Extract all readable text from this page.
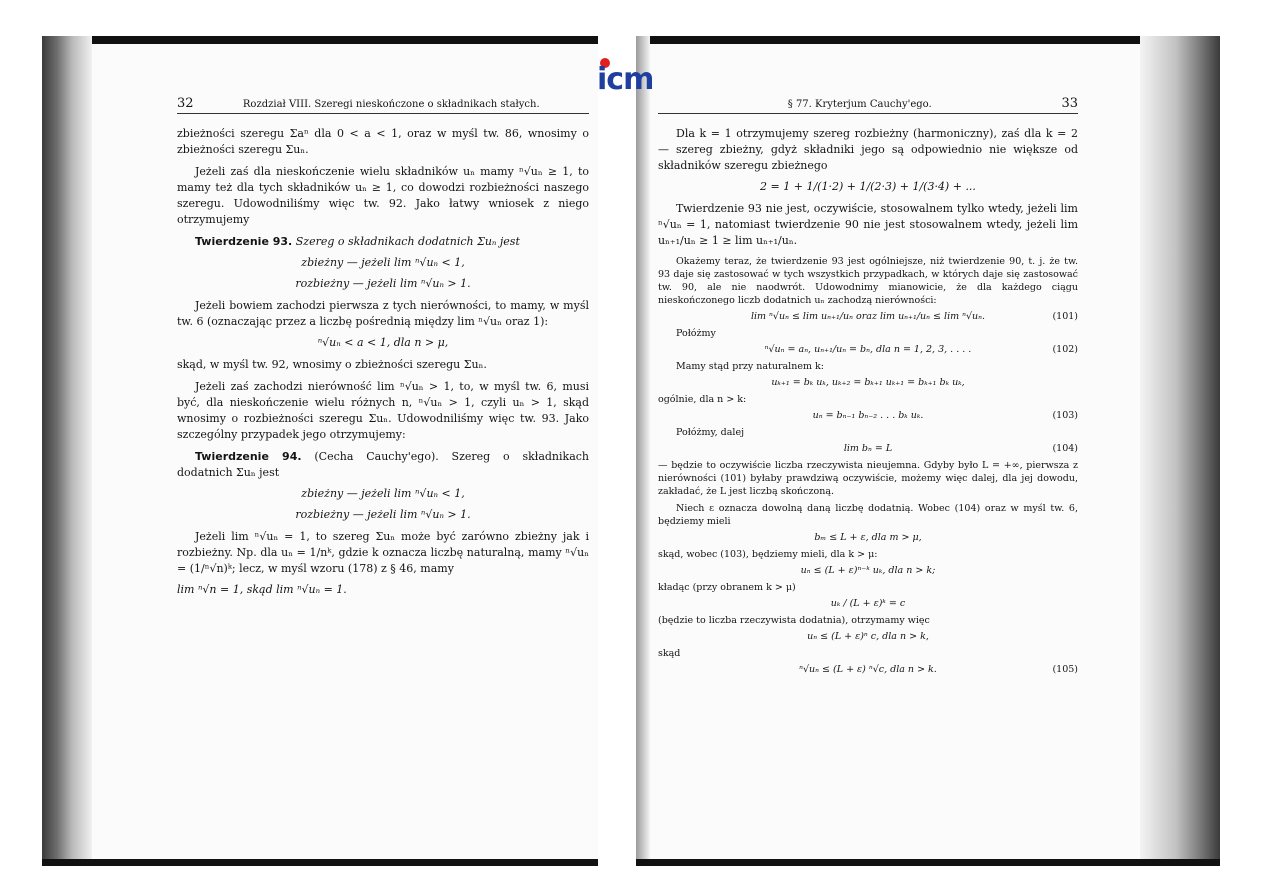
32	Rozdział VIII. Szeregi nieskończone o składnikach stałych.

zbieżności szeregu Σaⁿ dla 0 < a < 1, oraz w myśl tw. 86, wnosimy o zbieżności szeregu Σuₙ.

Jeżeli zaś dla nieskończenie wielu składników uₙ mamy ⁿ√uₙ ≥ 1, to mamy też dla tych składników uₙ ≥ 1, co dowodzi rozbieżności naszego szeregu. Udowodniliśmy więc tw. 92. Jako łatwy wniosek z niego otrzymujemy

Twierdzenie 93. Szereg o składnikach dodatnich Σuₙ jest

zbieżny — jeżeli lim ⁿ√uₙ < 1,
rozbieżny — jeżeli lim ⁿ√uₙ > 1.

Jeżeli bowiem zachodzi pierwsza z tych nierówności, to mamy, w myśl tw. 6 (oznaczając przez a liczbę pośrednią między lim ⁿ√uₙ oraz 1):

ⁿ√uₙ < a < 1, dla n > μ,

skąd, w myśl tw. 92, wnosimy o zbieżności szeregu Σuₙ.

Jeżeli zaś zachodzi nierówność lim ⁿ√uₙ > 1, to, w myśl tw. 6, musi być, dla nieskończenie wielu różnych n, ⁿ√uₙ > 1, czyli uₙ > 1, skąd wnosimy o rozbieżności szeregu Σuₙ. Udowodniliśmy więc tw. 93. Jako szczególny przypadek jego otrzymujemy:

Twierdzenie 94. (Cecha Cauchy'ego). Szereg o składnikach dodatnich Σuₙ jest

zbieżny — jeżeli lim ⁿ√uₙ < 1,
rozbieżny — jeżeli lim ⁿ√uₙ > 1.

Jeżeli lim ⁿ√uₙ = 1, to szereg Σuₙ może być zarówno zbieżny jak i rozbieżny. Np. dla uₙ = 1/nᵏ, gdzie k oznacza liczbę naturalną, mamy ⁿ√uₙ = (1/ⁿ√n)ᵏ; lecz, w myśl wzoru (178) z § 46, mamy

lim ⁿ√n = 1, skąd lim ⁿ√uₙ = 1.
§ 77. Kryterjum Cauchy'ego.	33

Dla k = 1 otrzymujemy szereg rozbieżny (harmoniczny), zaś dla k = 2 — szereg zbieżny, gdyż składniki jego są odpowiednio nie większe od składników szeregu zbieżnego

2 = 1 + 1/(1·2) + 1/(2·3) + 1/(3·4) + ...

Twierdzenie 93 nie jest, oczywiście, stosowalnem tylko wtedy, jeżeli lim ⁿ√uₙ = 1, natomiast twierdzenie 90 nie jest stosowalnem wtedy, jeżeli lim uₙ₊₁/uₙ ≥ 1 ≥ lim uₙ₊₁/uₙ.

Okażemy teraz, że twierdzenie 93 jest ogólniejsze, niż twierdzenie 90, t. j. że tw. 93 daje się zastosować w tych wszystkich przypadkach, w których daje się zastosować tw. 90, ale nie naodwrót. Udowodnimy mianowicie, że dla każdego ciągu nieskończonego liczb dodatnich uₙ zachodzą nierówności:

lim ⁿ√uₙ ≤ lim uₙ₊₁/uₙ oraz lim uₙ₊₁/uₙ ≤ lim ⁿ√uₙ.	(101)

Połóżmy

ⁿ√uₙ = aₙ, uₙ₊₁/uₙ = bₙ, dla n = 1, 2, 3, . . . .	(102)

Mamy stąd przy naturalnem k:

uₖ₊₁ = bₖ uₖ, uₖ₊₂ = bₖ₊₁ uₖ₊₁ = bₖ₊₁ bₖ uₖ,

ogólnie, dla n > k:

uₙ = bₙ₋₁ bₙ₋₂ . . . bₖ uₖ.	(103)

Połóżmy, dalej

lim bₙ = L	(104)

— będzie to oczywiście liczba rzeczywista nieujemna. Gdyby było L = +∞, pierwsza z nierówności (101) byłaby prawdziwą oczywiście, możemy więc dalej, dla jej dowodu, zakładać, że L jest liczbą skończoną.

Niech ε oznacza dowolną daną liczbę dodatnią. Wobec (104) oraz w myśl tw. 6, będziemy mieli

bₘ ≤ L + ε, dla m > μ,

skąd, wobec (103), będziemy mieli, dla k > μ:

uₙ ≤ (L + ε)ⁿ⁻ᵏ uₖ, dla n > k;

kładąc (przy obranem k > μ)

uₖ / (L + ε)ᵏ = c

(będzie to liczba rzeczywista dodatnia), otrzymamy więc

uₙ ≤ (L + ε)ⁿ c, dla n > k,

skąd

ⁿ√uₙ ≤ (L + ε) ⁿ√c, dla n > k.	(105)
icm
